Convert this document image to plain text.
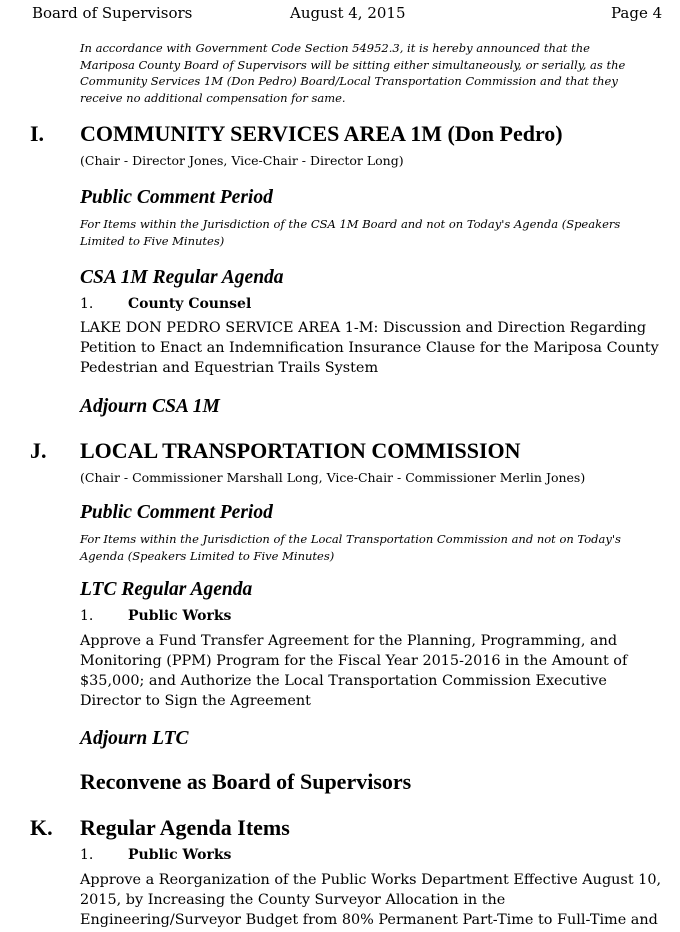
Board of Supervisors	August 4, 2015	Page 4
In accordance with Government Code Section 54952.3, it is hereby announced that the
Mariposa County Board of Supervisors will be sitting either simultaneously, or serially, as the
Community Services 1M (Don Pedro) Board/Local Transportation Commission and that they
receive no additional compensation for same.
I. COMMUNITY SERVICES AREA 1M (Don Pedro)
(Chair - Director Jones, Vice-Chair - Director Long)
Public Comment Period
For Items within the Jurisdiction of the CSA 1M Board and not on Today's Agenda (Speakers
Limited to Five Minutes)
CSA 1M Regular Agenda
1. County Counsel
LAKE DON PEDRO SERVICE AREA 1-M: Discussion and Direction Regarding
Petition to Enact an Indemnification Insurance Clause for the Mariposa County
Pedestrian and Equestrian Trails System
Adjourn CSA 1M
J. LOCAL TRANSPORTATION COMMISSION
(Chair - Commissioner Marshall Long, Vice-Chair - Commissioner Merlin Jones)
Public Comment Period
For Items within the Jurisdiction of the Local Transportation Commission and not on Today's
Agenda (Speakers Limited to Five Minutes)
LTC Regular Agenda
1. Public Works
Approve a Fund Transfer Agreement for the Planning, Programming, and
Monitoring (PPM) Program for the Fiscal Year 2015-2016 in the Amount of
$35,000; and Authorize the Local Transportation Commission Executive
Director to Sign the Agreement
Adjourn LTC
Reconvene as Board of Supervisors
K. Regular Agenda Items
1. Public Works
Approve a Reorganization of the Public Works Department Effective August 10,
2015, by Increasing the County Surveyor Allocation in the
Engineering/Surveyor Budget from 80% Permanent Part-Time to Full-Time and
